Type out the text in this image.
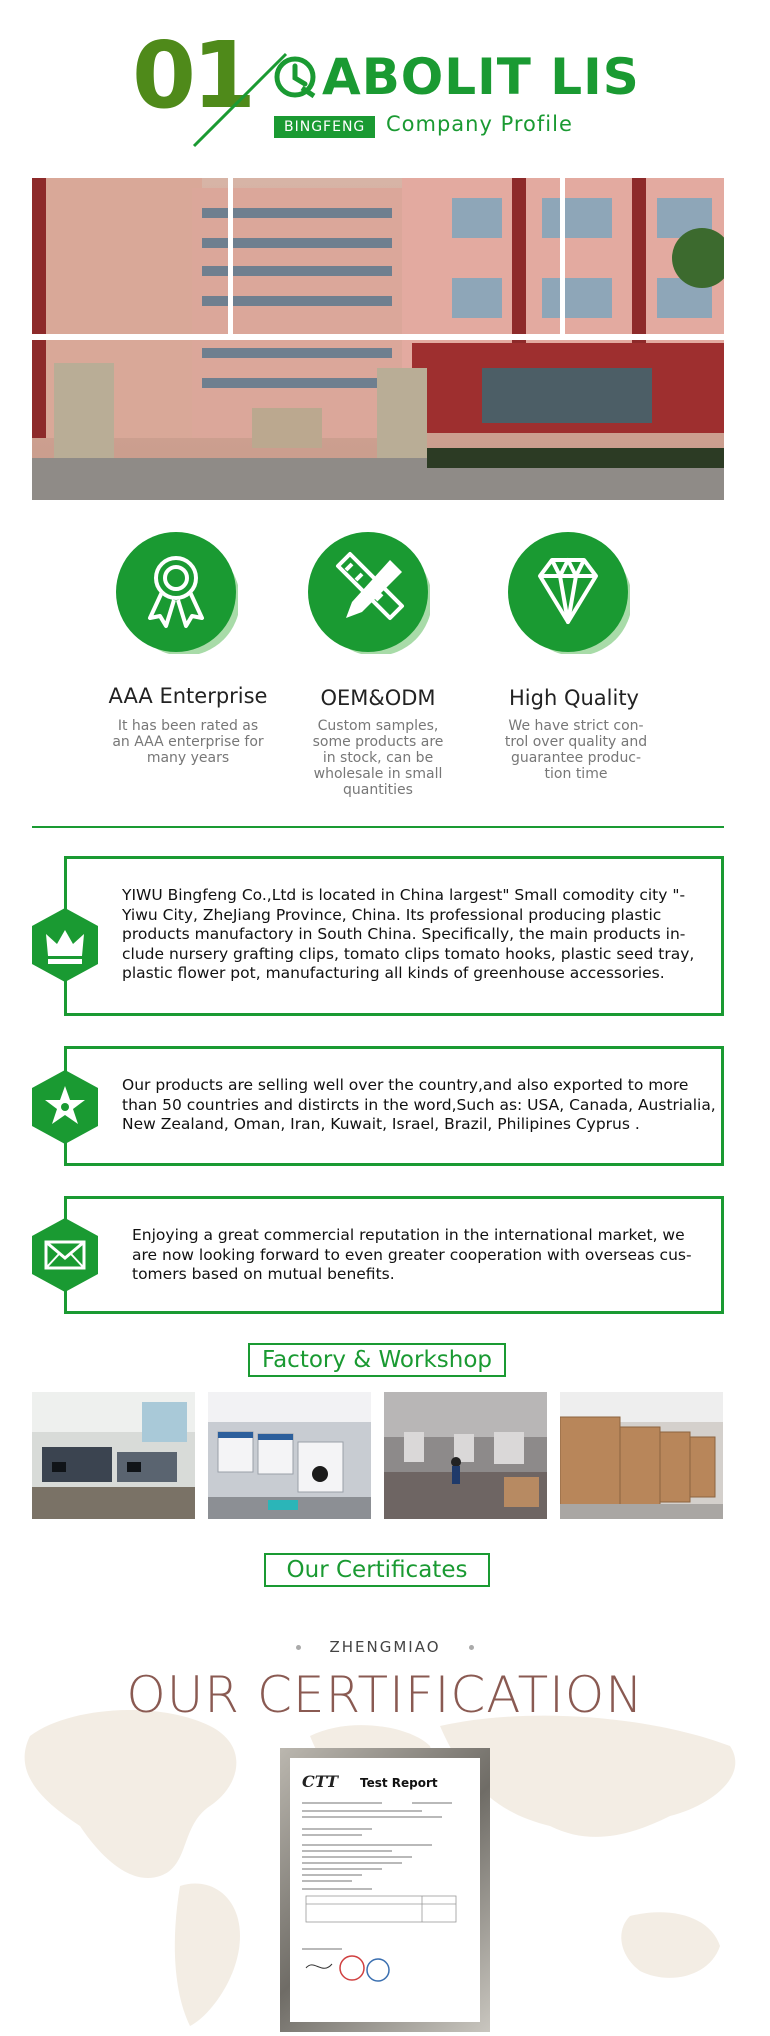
01 ABOLIT LIS
BINGFENG Company Profile
AAA Enterprise	OEM&ODM	High Quality
It has been rated as
an AAA enterprise for
many years
Custom samples,
some products are
in stock, can be
wholesale in small
quantities
We have strict con-
trol over quality and
guarantee produc-
tion time
YIWU Bingfeng Co.,Ltd is located in China largest" Small comodity city "-
Yiwu City, ZheJiang Province, China. Its professional producing plastic
products manufactory in South China. Specifically, the main products in-
clude nursery grafting clips, tomato clips tomato hooks, plastic seed tray,
plastic flower pot, manufacturing all kinds of greenhouse accessories.
Our products are selling well over the country,and also exported to more
than 50 countries and distircts in the word,Such as: USA, Canada, Austrialia,
New Zealand, Oman, Iran, Kuwait, Israel, Brazil, Philipines Cyprus .
Enjoying a great commercial reputation in the international market, we
are now looking forward to even greater cooperation with overseas cus-
tomers based on mutual benefits.
Factory & Workshop
Our Certificates
ZHENGMIAO
OUR CERTIFICATION
CTT	Test Report
